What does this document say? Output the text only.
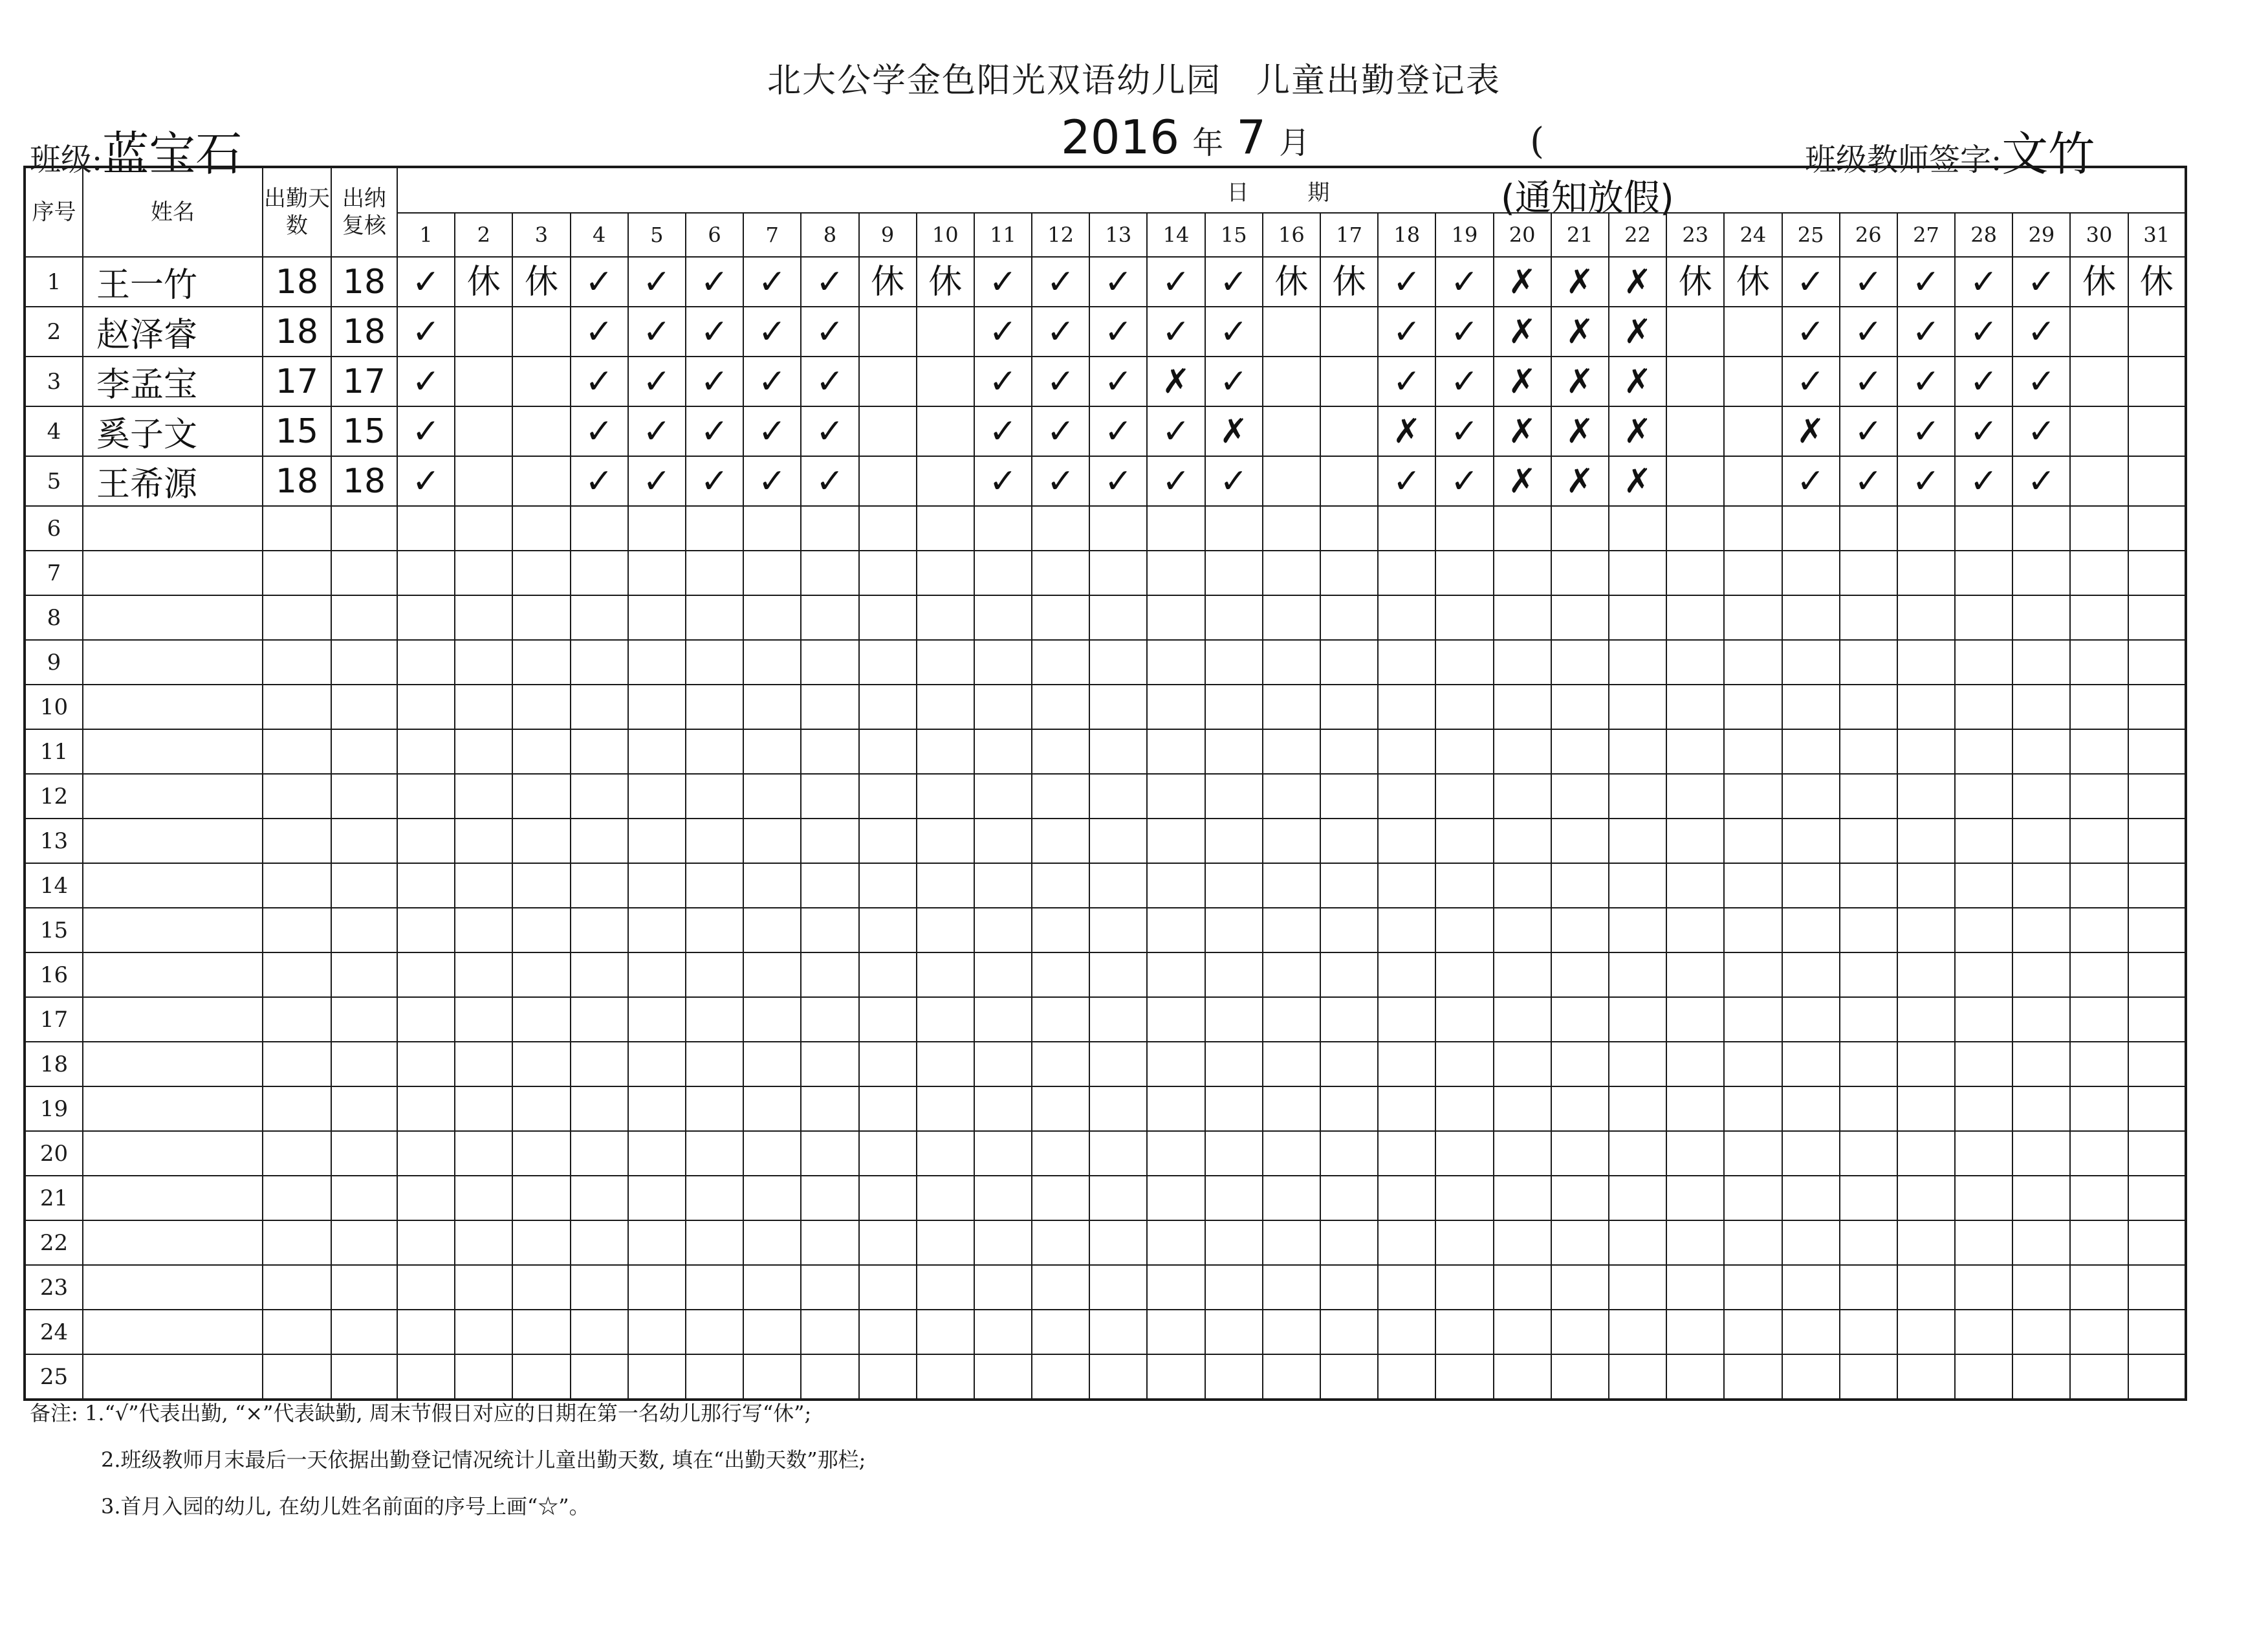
北大公学金色阳光双语幼儿园　儿童出勤登记表
班级:蓝宝石	2016 年 7 月	(	班级教师签字:文竹
(通知放假)
序号	姓名	出勤天数	出纳复核	日 期																														
				1	2	3	4	5	6	7	8	9	10	11	12	13	14	15	16	17	18	19	20	21	22	23	24	25	26	27	28	29	30	31
1	王一竹	18	18	✓	休	休	✓	✓	✓	✓	✓	休	休	✓	✓	✓	✓	✓	休	休	✓	✓	✗	✗	✗	休	休	✓	✓	✓	✓	✓	休	休
2	赵泽睿	18	18	✓			✓	✓	✓	✓	✓			✓	✓	✓	✓	✓			✓	✓	✗	✗	✗			✓	✓	✓	✓	✓		
3	李孟宝	17	17	✓			✓	✓	✓	✓	✓			✓	✓	✓	✗	✓			✓	✓	✗	✗	✗			✓	✓	✓	✓	✓		
4	奚子文	15	15	✓			✓	✓	✓	✓	✓			✓	✓	✓	✓	✗			✗	✓	✗	✗	✗			✗	✓	✓	✓	✓		
5	王希源	18	18	✓			✓	✓	✓	✓	✓			✓	✓	✓	✓	✓			✓	✓	✗	✗	✗			✓	✓	✓	✓	✓		
6																																		
7																																		
8																																		
9																																		
10																																		
11																																		
12																																		
13																																		
14																																		
15																																		
16																																		
17																																		
18																																		
19																																		
20																																		
21																																		
22																																		
23																																		
24																																		
25																																		
备注: 1.“√”代表出勤, “×”代表缺勤, 周末节假日对应的日期在第一名幼儿那行写“休”;
2.班级教师月末最后一天依据出勤登记情况统计儿童出勤天数, 填在“出勤天数”那栏;
3.首月入园的幼儿, 在幼儿姓名前面的序号上画“☆”。
